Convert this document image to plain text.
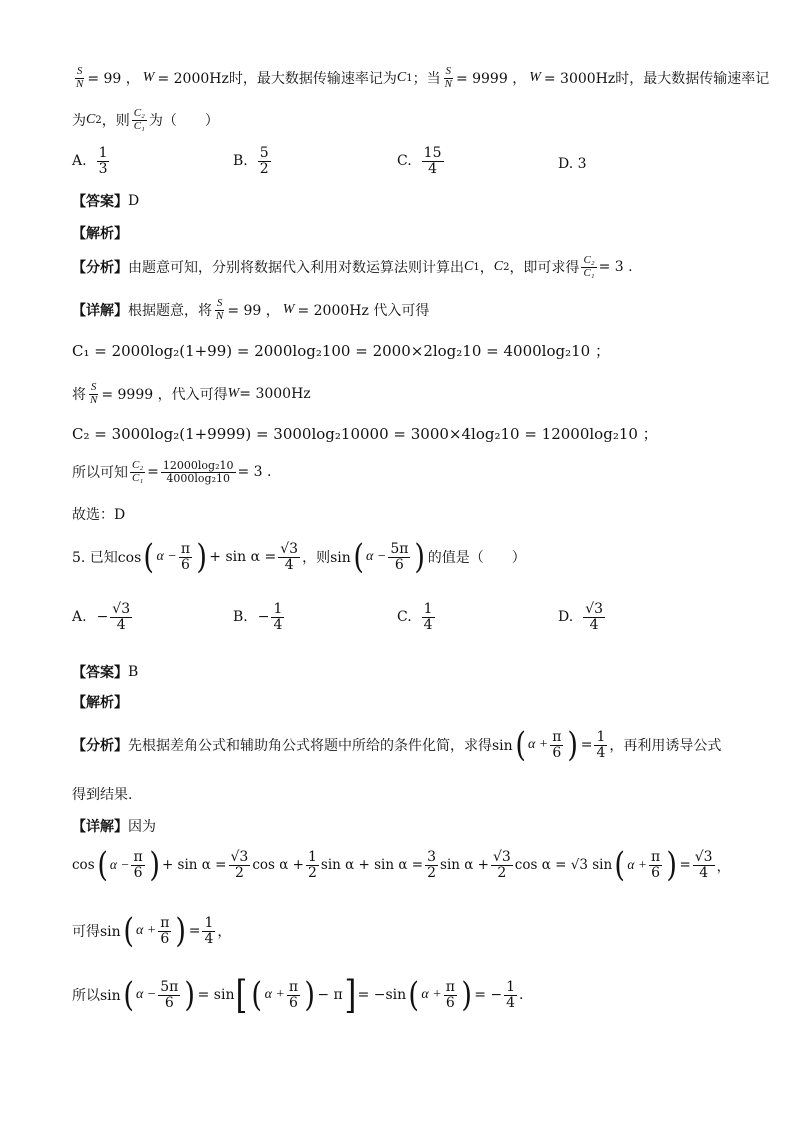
$\frac{S}{N} = 99$ ， W = 2000Hz时，最大数据传输速率记为 C 1 ；当 $\frac{S}{N} = 9999$ ， W = 3000Hz时，最大数据传输速率记
为 C 2 ，则 $\frac{\text{C₂}}{\text{C₁}}$ 为（　　）
A. $\frac{1}{3}$	B. $\frac{5}{2}$	C. $\frac{15}{4}$	D. 3
【答案】 D
【解析】
【分析】 由题意可知，分别将数据代入利用对数运算法则计算出 C 1 ， C 2 ，即可求得 $\frac{\text{C₂}}{\text{C₁}} = 3$ .
【详解】 根据题意，将 $\frac{S}{N} = 99$ ， W = 2000Hz 代入可得
C₁ = 2000log₂(1+99) = 2000log₂100 = 2000×2log₂10 = 4000log₂10 ；
将 $\frac{S}{N} = 9999$ ，代入可得 W = 3000Hz
C₂ = 3000log₂(1+9999) = 3000log₂10000 = 3000×4log₂10 = 12000log₂10 ；
所以可知 $\frac{\text{C₂}}{\text{C₁}} = \frac{\text{12000log₂10}}{\text{4000log₂10}} = 3$ .
故选：D
5. 已知cos ( $\alpha - \frac{\pi}{6}$ ) + $\sin \alpha = \frac{√3}{4}$ ，则sin ( $\alpha - \frac{5\pi}{6}$ ) 的值是（　　）
A. − $\frac{√3}{4}$	B. − $\frac{1}{4}$	C. $\frac{1}{4}$	D. $\frac{√3}{4}$
【答案】 B
【解析】
【分析】 先根据差角公式和辅助角公式将题中所给的条件化简，求得sin ( $\alpha + \frac{\pi}{6}$ ) = $\frac{1}{4}$ ，再利用诱导公式
得到结果.
【详解】 因为
cos ( $\alpha - \frac{\pi}{6}$ ) + $\sin \alpha = \frac{√3}{2}$ $\cos \alpha + \frac{1}{2}$ $\sin \alpha + \sin \alpha = \frac{3}{2}$ $\sin \alpha + \frac{√3}{2}$ cos α = √3 sin ( $\alpha + \frac{\pi}{6}$ ) = $\frac{√3}{4}$ ，
可得sin ( $\alpha + \frac{\pi}{6}$ ) = $\frac{1}{4}$ ，
所以sin ( $\alpha - \frac{5\pi}{6}$ ) = sin [ ( $\alpha + \frac{\pi}{6}$ ) − π ] = −sin ( $\alpha + \frac{\pi}{6}$ ) = − $\frac{1}{4}$ .
